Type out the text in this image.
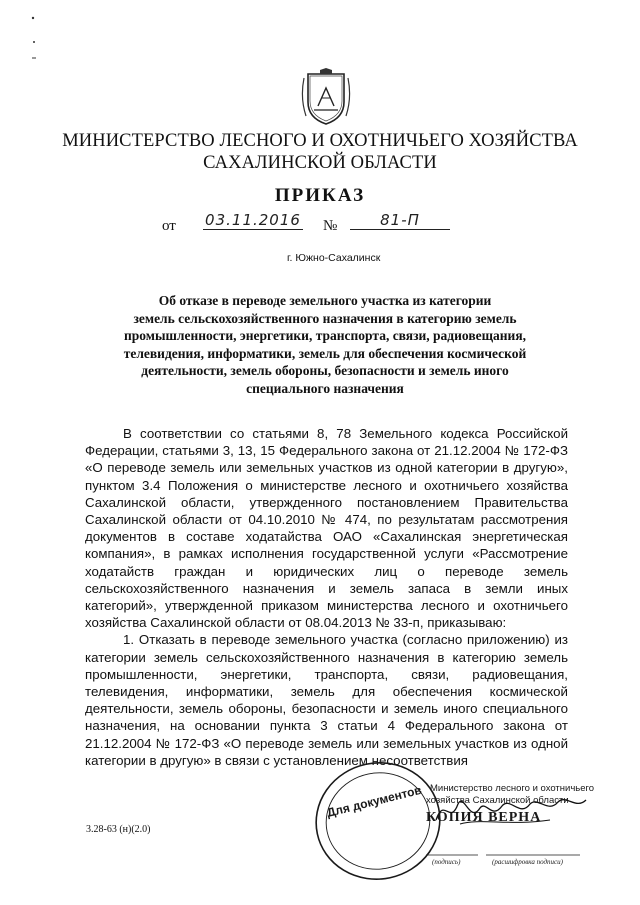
МИНИСТЕРСТВО ЛЕСНОГО И ОХОТНИЧЬЕГО ХОЗЯЙСТВА
САХАЛИНСКОЙ ОБЛАСТИ
ПРИКАЗ
от 03.11.2016 №	81-П
г. Южно-Сахалинск
Об отказе в переводе земельного участка из категории
земель сельскохозяйственного назначения в категорию земель
промышленности, энергетики, транспорта, связи, радиовещания,
телевидения, информатики, земель для обеспечения космической
деятельности, земель обороны, безопасности и земель иного
специального назначения

В соответствии со статьями 8, 78 Земельного кодекса Российской Федерации, статьями 3, 13, 15 Федерального закона от 21.12.2004 № 172-ФЗ «О переводе земель или земельных участков из одной категории в другую», пунктом 3.4 Положения о министерстве лесного и охотничьего хозяйства Сахалинской области, утвержденного постановлением Правительства Сахалинской области от 04.10.2010 № 474, по результатам рассмотрения документов в составе ходатайства ОАО «Сахалинская энергетическая компания», в рамках исполнения государственной услуги «Рассмотрение ходатайств граждан и юридических лиц о переводе земель сельскохозяйственного назначения и земель запаса в земли иных категорий», утвержденной приказом министерства лесного и охотничьего хозяйства Сахалинской области от 08.04.2013 № 33-п, приказываю:

1. Отказать в переводе земельного участка (согласно приложению) из категории земель сельскохозяйственного назначения в категорию земель промышленности, энергетики, транспорта, связи, радиовещания, телевидения, информатики, земель для обеспечения космической деятельности, земель обороны, безопасности и земель иного специального назначения, на основании пункта 3 статьи 4 Федерального закона от 21.12.2004 № 172-ФЗ «О переводе земель или земельных участков из одной категории в другую» в связи с установлением несоответствия

3.28-63 (н)(2.0)
Для документов Министерство лесного и охотничьего
хозяйства Сахалинской области
КОПИЯ ВЕРНА
(подпись)	(расшифровка подписи)
